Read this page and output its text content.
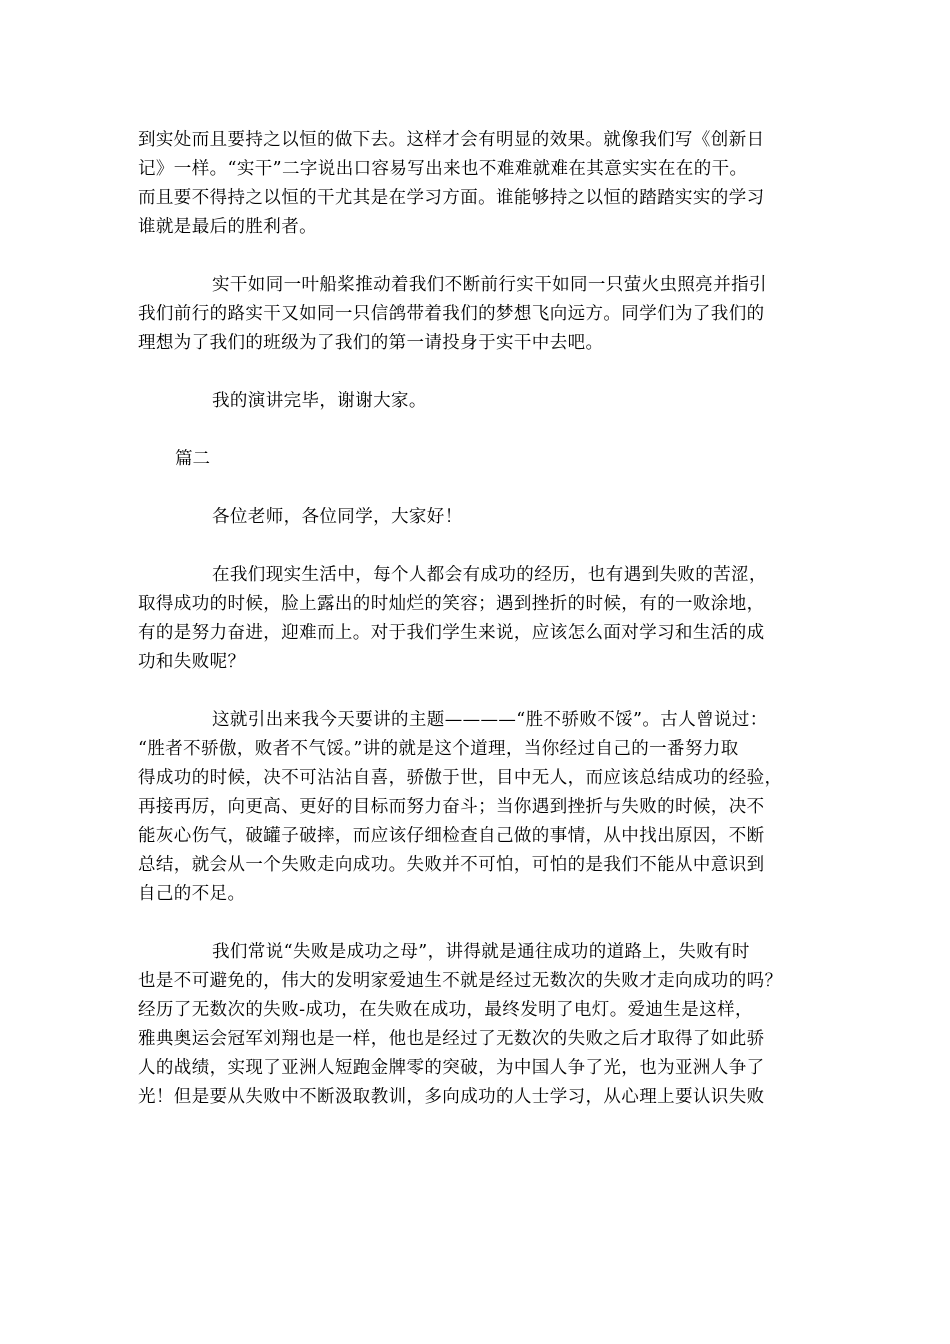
到实处而且要持之以恒的做下去。这样才会有明显的效果。就像我们写《创新日
记》一样。“实干”二字说出口容易写出来也不难难就难在其意实实在在的干。
而且要不得持之以恒的干尤其是在学习方面。谁能够持之以恒的踏踏实实的学习
谁就是最后的胜利者。

实干如同一叶船桨推动着我们不断前行实干如同一只萤火虫照亮并指引
我们前行的路实干又如同一只信鸽带着我们的梦想飞向远方。同学们为了我们的
理想为了我们的班级为了我们的第一请投身于实干中去吧。

我的演讲完毕，谢谢大家。

篇二

各位老师，各位同学，大家好！

在我们现实生活中，每个人都会有成功的经历，也有遇到失败的苦涩，
取得成功的时候，脸上露出的时灿烂的笑容；遇到挫折的时候，有的一败涂地，
有的是努力奋进，迎难而上。对于我们学生来说，应该怎么面对学习和生活的成
功和失败呢？

这就引出来我今天要讲的主题————“胜不骄败不馁”。古人曾说过：
“胜者不骄傲，败者不气馁。”讲的就是这个道理，当你经过自己的一番努力取
得成功的时候，决不可沾沾自喜，骄傲于世，目中无人，而应该总结成功的经验，
再接再厉，向更高、更好的目标而努力奋斗；当你遇到挫折与失败的时候，决不
能灰心伤气，破罐子破摔，而应该仔细检查自己做的事情，从中找出原因，不断
总结，就会从一个失败走向成功。失败并不可怕，可怕的是我们不能从中意识到
自己的不足。

我们常说“失败是成功之母”，讲得就是通往成功的道路上，失败有时
也是不可避免的，伟大的发明家爱迪生不就是经过无数次的失败才走向成功的吗？
经历了无数次的失败-成功，在失败在成功，最终发明了电灯。爱迪生是这样，
雅典奥运会冠军刘翔也是一样，他也是经过了无数次的失败之后才取得了如此骄
人的战绩，实现了亚洲人短跑金牌零的突破，为中国人争了光，也为亚洲人争了
光！但是要从失败中不断汲取教训，多向成功的人士学习，从心理上要认识失败
